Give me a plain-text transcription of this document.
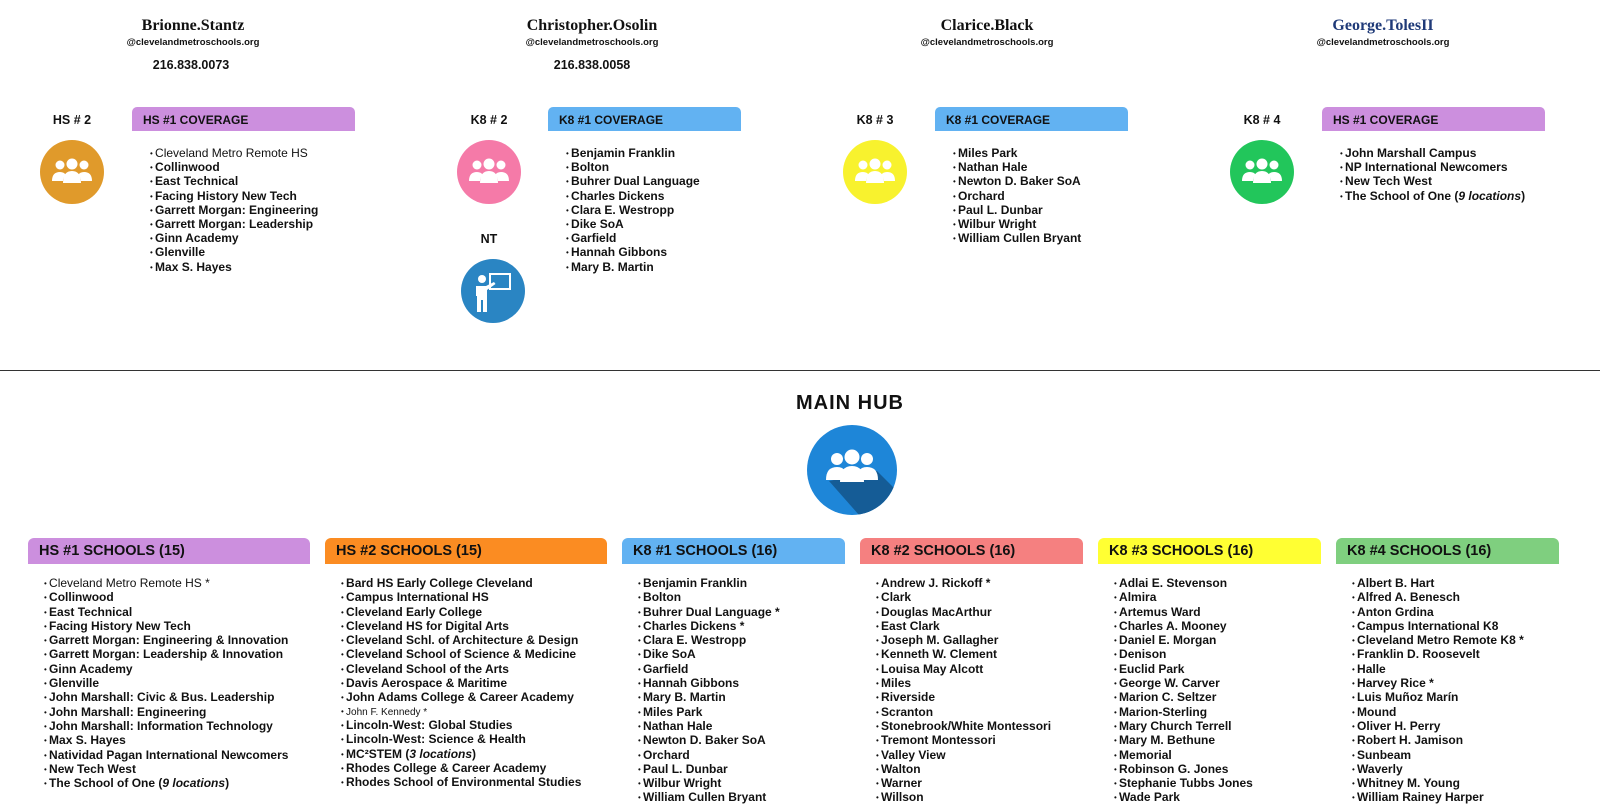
Brionne.Stantz
@clevelandmetroschools.org
216.838.0073
Christopher.Osolin
@clevelandmetroschools.org
216.838.0058
Clarice.Black
@clevelandmetroschools.org
George.TolesII
@clevelandmetroschools.org
HS # 2	HS #1 COVERAGE
• Cleveland Metro Remote HS
• Collinwood
• East Technical
• Facing History New Tech
• Garrett Morgan: Engineering
• Garrett Morgan: Leadership
• Ginn Academy
• Glenville
• Max S. Hayes
K8 # 2
NT
K8 #1 COVERAGE
• Benjamin Franklin
• Bolton
• Buhrer Dual Language
• Charles Dickens
• Clara E. Westropp
• Dike SoA
• Garfield
• Hannah Gibbons
• Mary B. Martin
K8 # 3	K8 #1 COVERAGE
• Miles Park
• Nathan Hale
• Newton D. Baker SoA
• Orchard
• Paul L. Dunbar
• Wilbur Wright
• William Cullen Bryant
K8 # 4	HS #1 COVERAGE
• John Marshall Campus
• NP International Newcomers
• New Tech West
• The School of One (9 locations)
MAIN HUB
HS #1 SCHOOLS (15)
• Cleveland Metro Remote HS *
• Collinwood
• East Technical
• Facing History New Tech
• Garrett Morgan: Engineering & Innovation
• Garrett Morgan: Leadership & Innovation
• Ginn Academy
• Glenville
• John Marshall: Civic & Bus. Leadership
• John Marshall: Engineering
• John Marshall: Information Technology
• Max S. Hayes
• Natividad Pagan International Newcomers
• New Tech West
• The School of One (9 locations)
HS #2 SCHOOLS (15)
• Bard HS Early College Cleveland
• Campus International HS
• Cleveland Early College
• Cleveland HS for Digital Arts
• Cleveland Schl. of Architecture & Design
• Cleveland School of Science & Medicine
• Cleveland School of the Arts
• Davis Aerospace & Maritime
• John Adams College & Career Academy
• John F. Kennedy *
• Lincoln-West: Global Studies
• Lincoln-West: Science & Health
• MC²STEM (3 locations)
• Rhodes College & Career Academy
• Rhodes School of Environmental Studies
K8 #1 SCHOOLS (16)
• Benjamin Franklin
• Bolton
• Buhrer Dual Language *
• Charles Dickens *
• Clara E. Westropp
• Dike SoA
• Garfield
• Hannah Gibbons
• Mary B. Martin
• Miles Park
• Nathan Hale
• Newton D. Baker SoA
• Orchard
• Paul L. Dunbar
• Wilbur Wright
• William Cullen Bryant
K8 #2 SCHOOLS (16)
• Andrew J. Rickoff *
• Clark
• Douglas MacArthur
• East Clark
• Joseph M. Gallagher
• Kenneth W. Clement
• Louisa May Alcott
• Miles
• Riverside
• Scranton
• Stonebrook/White Montessori
• Tremont Montessori
• Valley View
• Walton
• Warner
• Willson
K8 #3 SCHOOLS (16)
• Adlai E. Stevenson
• Almira
• Artemus Ward
• Charles A. Mooney
• Daniel E. Morgan
• Denison
• Euclid Park
• George W. Carver
• Marion C. Seltzer
• Marion-Sterling
• Mary Church Terrell
• Mary M. Bethune
• Memorial
• Robinson G. Jones
• Stephanie Tubbs Jones
• Wade Park
K8 #4 SCHOOLS (16)
• Albert B. Hart
• Alfred A. Benesch
• Anton Grdina
• Campus International K8
• Cleveland Metro Remote K8 *
• Franklin D. Roosevelt
• Halle
• Harvey Rice *
• Luis Muñoz Marín
• Mound
• Oliver H. Perry
• Robert H. Jamison
• Sunbeam
• Waverly
• Whitney M. Young
• William Rainey Harper
